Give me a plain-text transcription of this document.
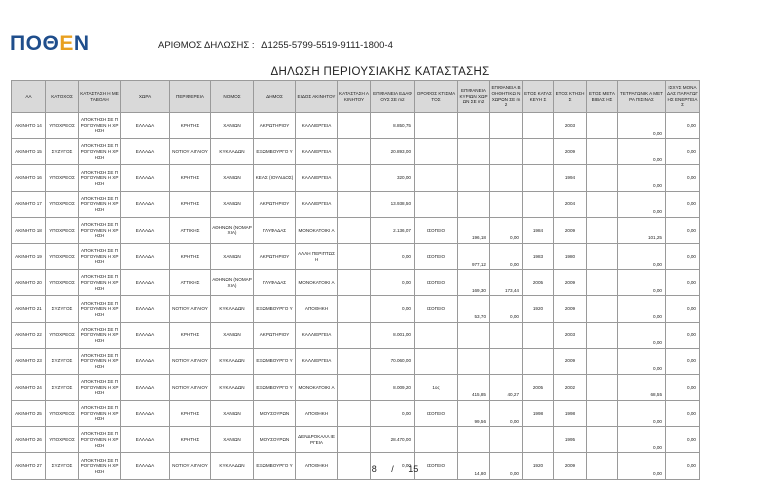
ΠΟΘΕΝ	ΑΡΙΘΜΟΣ ΔΗΛΩΣΗΣ : Δ1255-5799-5519-9111-1800-4
ΔΗΛΩΣΗ ΠΕΡΙΟΥΣΙΑΚΗΣ ΚΑΤΑΣΤΑΣΗΣ
ΑΑ	ΚΑΤΟΧΟΣ	ΚΑΤΑΣΤΑΣΗ Η ΜΕΤΑΒΟΛΗ	ΧΩΡΑ	ΠΕΡΙΦΕΡΕΙΑ	ΝΟΜΟΣ	ΔΗΜΟΣ	ΕΙΔΟΣ ΑΚΙΝΗΤΟΥ	ΚΑΤΑΣΤΑΣΗ ΑΚΙΝΗΤΟΥ	ΕΠΙΦΑΝΕΙΑ ΕΔΑΦΟΥΣ ΣΕ m2	ΟΡΟΦΟΣ ΚΤΙΣΜΑΤΟΣ	ΕΠΙΦΑΝΕΙΑ ΚΥΡΙΩΝ ΧΩΡΩΝ ΣΕ m2	ΕΠΙΦΑΝΕΙΑ ΒΟΗΘΗΤΙΚΩ Ν ΧΩΡΩΝ ΣΕ m2	ΕΤΟΣ ΚΑΤΑΣΚΕΥΗ Σ	ΕΤΟΣ ΚΤΗΣΗΣ	ΕΤΟΣ ΜΕΤΑΒΙΒΑΣ ΗΣ	ΤΕΤΡΑΓΩΝΙΚ Α ΜΕΤΡΑ ΠΙΣΙΝΑΣ	ΙΣΧΥΣ ΜΟΝΑΔΑΣ ΠΑΡΑΓΩΓΗΣ ΕΝΕΡΓΕΙΑΣ
ΑΚΙΝΗΤΟ 14	ΥΠΟΧΡΕΟΣ	ΑΠΟΚΤΗΣΗ ΣΕ ΠΡΟΓΟΥΜΕΝ Η ΧΡΗΣΗ	ΕΛΛΑΔΑ	ΚΡΗΤΗΣ	ΧΑΝΙΩΝ	ΑΚΡΩΤΗΡΙΟΥ	ΚΑΛΛΙΕΡΓΕΙΑ		8.850,75					2003		0,00	0,00
ΑΚΙΝΗΤΟ 15	ΣΥΖΥΓΟΣ	ΑΠΟΚΤΗΣΗ ΣΕ ΠΡΟΓΟΥΜΕΝ Η ΧΡΗΣΗ	ΕΛΛΑΔΑ	ΝΟΤΙΟΥ ΑΙΓΑΙΟΥ	ΚΥΚΛΑΔΩΝ	ΕΞΩΜΒΟΥΡΓΟ Υ	ΚΑΛΛΙΕΡΓΕΙΑ		20.893,00					2009		0,00	0,00
ΑΚΙΝΗΤΟ 16	ΥΠΟΧΡΕΟΣ	ΑΠΟΚΤΗΣΗ ΣΕ ΠΡΟΓΟΥΜΕΝ Η ΧΡΗΣΗ	ΕΛΛΑΔΑ	ΚΡΗΤΗΣ	ΧΑΝΙΩΝ	ΚΕΑΣ (ΙΟΥΛΙΔΟΣ)	ΚΑΛΛΙΕΡΓΕΙΑ		320,00					1994		0,00	0,00
ΑΚΙΝΗΤΟ 17	ΥΠΟΧΡΕΟΣ	ΑΠΟΚΤΗΣΗ ΣΕ ΠΡΟΓΟΥΜΕΝ Η ΧΡΗΣΗ	ΕΛΛΑΔΑ	ΚΡΗΤΗΣ	ΧΑΝΙΩΝ	ΑΚΡΩΤΗΡΙΟΥ	ΚΑΛΛΙΕΡΓΕΙΑ		13.938,50					2004		0,00	0,00
ΑΚΙΝΗΤΟ 18	ΥΠΟΧΡΕΟΣ	ΑΠΟΚΤΗΣΗ ΣΕ ΠΡΟΓΟΥΜΕΝ Η ΧΡΗΣΗ	ΕΛΛΑΔΑ	ΑΤΤΙΚΗΣ	ΑΘΗΝΩΝ (ΝΟΜΑΡΧΙΑ)	ΓΛΥΦΑΔΑΣ	ΜΟΝΟΚΑΤΟΙΚΙ Α		2.136,07	ΙΣΟΓΕΙΟ	196,18	0,00	1984	2009		101,25	0,00
ΑΚΙΝΗΤΟ 19	ΥΠΟΧΡΕΟΣ	ΑΠΟΚΤΗΣΗ ΣΕ ΠΡΟΓΟΥΜΕΝ Η ΧΡΗΣΗ	ΕΛΛΑΔΑ	ΚΡΗΤΗΣ	ΧΑΝΙΩΝ	ΑΚΡΩΤΗΡΙΟΥ	ΑΛΛΗ ΠΕΡΙΠΤΩΣΗ		0,00	ΙΣΟΓΕΙΟ	977,12	0,00	1983	1980		0,00	0,00
ΑΚΙΝΗΤΟ 20	ΥΠΟΧΡΕΟΣ	ΑΠΟΚΤΗΣΗ ΣΕ ΠΡΟΓΟΥΜΕΝ Η ΧΡΗΣΗ	ΕΛΛΑΔΑ	ΑΤΤΙΚΗΣ	ΑΘΗΝΩΝ (ΝΟΜΑΡΧΙΑ)	ΓΛΥΦΑΔΑΣ	ΜΟΝΟΚΑΤΟΙΚΙ Α		0,00	ΙΣΟΓΕΙΟ	169,30	173,44	2005	2009		0,00	0,00
ΑΚΙΝΗΤΟ 21	ΣΥΖΥΓΟΣ	ΑΠΟΚΤΗΣΗ ΣΕ ΠΡΟΓΟΥΜΕΝ Η ΧΡΗΣΗ	ΕΛΛΑΔΑ	ΝΟΤΙΟΥ ΑΙΓΑΙΟΥ	ΚΥΚΛΑΔΩΝ	ΕΞΩΜΒΟΥΡΓΟ Υ	ΑΠΟΘΗΚΗ		0,00	ΙΣΟΓΕΙΟ	53,70	0,00	1920	2009		0,00	0,00
ΑΚΙΝΗΤΟ 22	ΥΠΟΧΡΕΟΣ	ΑΠΟΚΤΗΣΗ ΣΕ ΠΡΟΓΟΥΜΕΝ Η ΧΡΗΣΗ	ΕΛΛΑΔΑ	ΚΡΗΤΗΣ	ΧΑΝΙΩΝ	ΑΚΡΩΤΗΡΙΟΥ	ΚΑΛΛΙΕΡΓΕΙΑ		8.001,00					2003		0,00	0,00
ΑΚΙΝΗΤΟ 23	ΣΥΖΥΓΟΣ	ΑΠΟΚΤΗΣΗ ΣΕ ΠΡΟΓΟΥΜΕΝ Η ΧΡΗΣΗ	ΕΛΛΑΔΑ	ΝΟΤΙΟΥ ΑΙΓΑΙΟΥ	ΚΥΚΛΑΔΩΝ	ΕΞΩΜΒΟΥΡΓΟ Υ	ΚΑΛΛΙΕΡΓΕΙΑ		70.060,00					2009		0,00	0,00
ΑΚΙΝΗΤΟ 24	ΣΥΖΥΓΟΣ	ΑΠΟΚΤΗΣΗ ΣΕ ΠΡΟΓΟΥΜΕΝ Η ΧΡΗΣΗ	ΕΛΛΑΔΑ	ΝΟΤΙΟΥ ΑΙΓΑΙΟΥ	ΚΥΚΛΑΔΩΝ	ΕΞΩΜΒΟΥΡΓΟ Υ	ΜΟΝΟΚΑΤΟΙΚΙ Α		8.009,20	1ος	415,85	40,27	2005	2002		68,55	0,00
ΑΚΙΝΗΤΟ 25	ΥΠΟΧΡΕΟΣ	ΑΠΟΚΤΗΣΗ ΣΕ ΠΡΟΓΟΥΜΕΝ Η ΧΡΗΣΗ	ΕΛΛΑΔΑ	ΚΡΗΤΗΣ	ΧΑΝΙΩΝ	ΜΟΥΣΟΥΡΩΝ	ΑΠΟΘΗΚΗ		0,00	ΙΣΟΓΕΙΟ	99,56	0,00	1998	1998		0,00	0,00
ΑΚΙΝΗΤΟ 26	ΥΠΟΧΡΕΟΣ	ΑΠΟΚΤΗΣΗ ΣΕ ΠΡΟΓΟΥΜΕΝ Η ΧΡΗΣΗ	ΕΛΛΑΔΑ	ΚΡΗΤΗΣ	ΧΑΝΙΩΝ	ΜΟΥΣΟΥΡΩΝ	ΔΕΝΔΡΟΚΑΛΛ ΙΕΡΓΕΙΑ		28.470,00					1995		0,00	0,00
ΑΚΙΝΗΤΟ 27	ΣΥΖΥΓΟΣ	ΑΠΟΚΤΗΣΗ ΣΕ ΠΡΟΓΟΥΜΕΝ Η ΧΡΗΣΗ	ΕΛΛΑΔΑ	ΝΟΤΙΟΥ ΑΙΓΑΙΟΥ	ΚΥΚΛΑΔΩΝ	ΕΞΩΜΒΟΥΡΓΟ Υ	ΑΠΟΘΗΚΗ		0,00	ΙΣΟΓΕΙΟ	14,80	0,00	1920	2009		0,00	0,00
8 / 15
